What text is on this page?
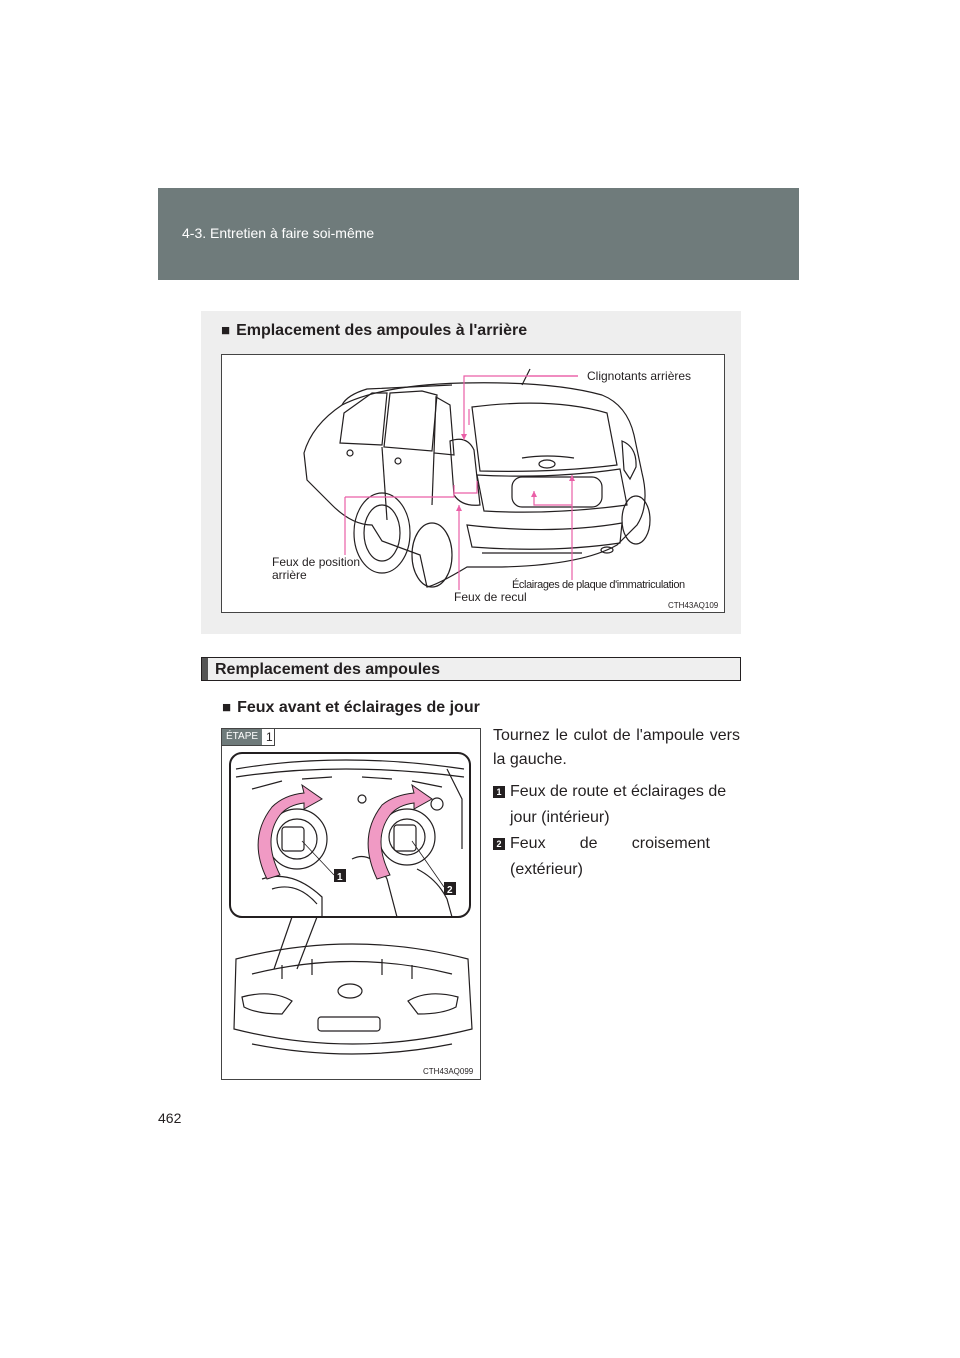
4-3. Entretien à faire soi-même
■ Emplacement des ampoules à l'arrière
Clignotants arrières
Feux de position
arrière
Feux de recul
Éclairages de plaque d'immatriculation
CTH43AQ109
Remplacement des ampoules
■ Feux avant et éclairages de jour
ÉTAPE 1
1
2
CTH43AQ099
Tournez le culot de l'ampoule vers la gauche.
1 Feux de route et éclairages de jour (intérieur)
2 Feux de croisement (extérieur)
462
